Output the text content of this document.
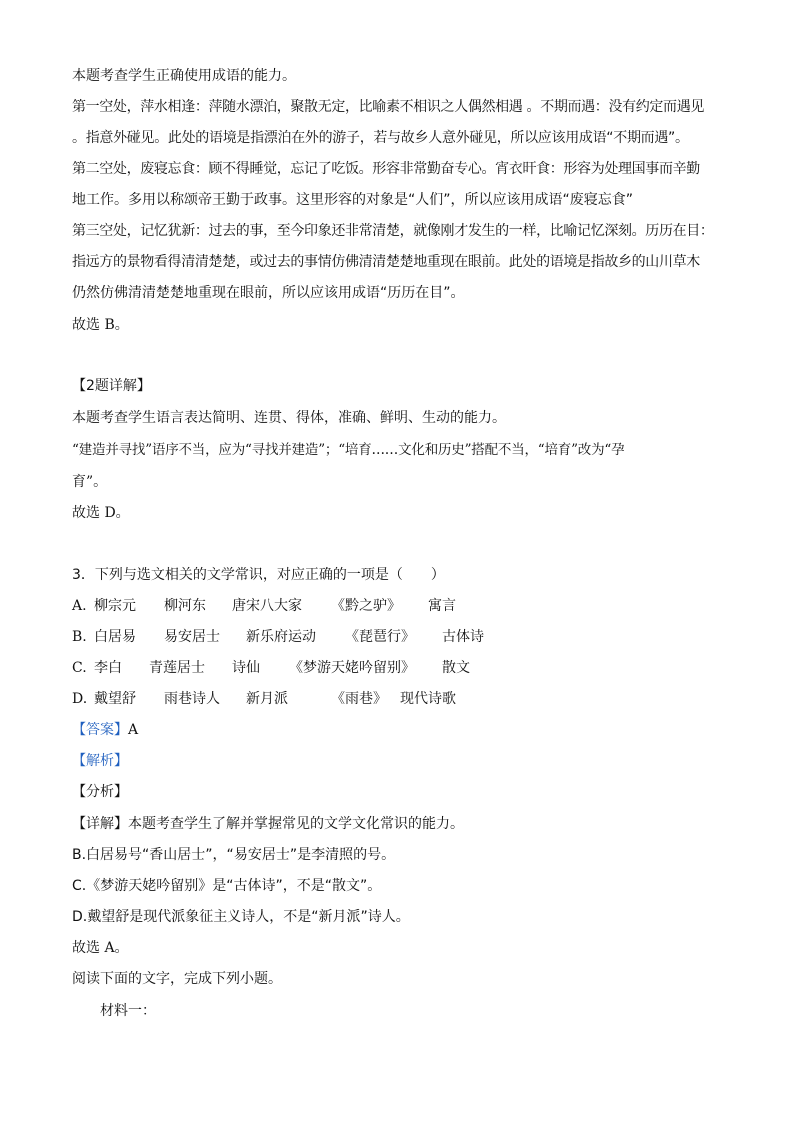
本题考查学生正确使用成语的能力。
第一空处，萍水相逢：萍随水漂泊，聚散无定，比喻素不相识之人偶然相遇 。不期而遇：没有约定而遇见
。指意外碰见。此处的语境是指漂泊在外的游子，若与故乡人意外碰见，所以应该用成语“不期而遇”。
第二空处，废寝忘食：顾不得睡觉，忘记了吃饭。形容非常勤奋专心。宵衣旰食：形容为处理国事而辛勤
地工作。多用以称颂帝王勤于政事。这里形容的对象是“人们”，所以应该用成语“废寝忘食”
第三空处，记忆犹新：过去的事，至今印象还非常清楚，就像刚才发生的一样，比喻记忆深刻。历历在目：
指远方的景物看得清清楚楚，或过去的事情仿佛清清楚楚地重现在眼前。此处的语境是指故乡的山川草木
仍然仿佛清清楚楚地重现在眼前，所以应该用成语“历历在目”。
故选 B。
【2题详解】
本题考查学生语言表达简明、连贯、得体，准确、鲜明、生动的能力。
“建造并寻找”语序不当，应为“寻找并建造”；“培育……文化和历史”搭配不当，“培育”改为“孕
育”。
故选 D。
3．下列与选文相关的文学常识，对应正确的一项是（　　）
A. 柳宗元 柳河东 唐宋八大家 《黔之驴》 寓言
B. 白居易 易安居士 新乐府运动 《琵琶行》 古体诗
C. 李白 青莲居士 诗仙 《梦游天姥吟留别》 散文
D. 戴望舒 雨巷诗人 新月派	《雨巷》 现代诗歌
【答案】A
【解析】
【分析】
【详解】本题考查学生了解并掌握常见的文学文化常识的能力。
B.白居易号“香山居士”，“易安居士”是李清照的号。
C.《梦游天姥吟留别》是“古体诗”，不是“散文”。
D.戴望舒是现代派象征主义诗人，不是“新月派”诗人。
故选 A。
阅读下面的文字，完成下列小题。
材料一：
